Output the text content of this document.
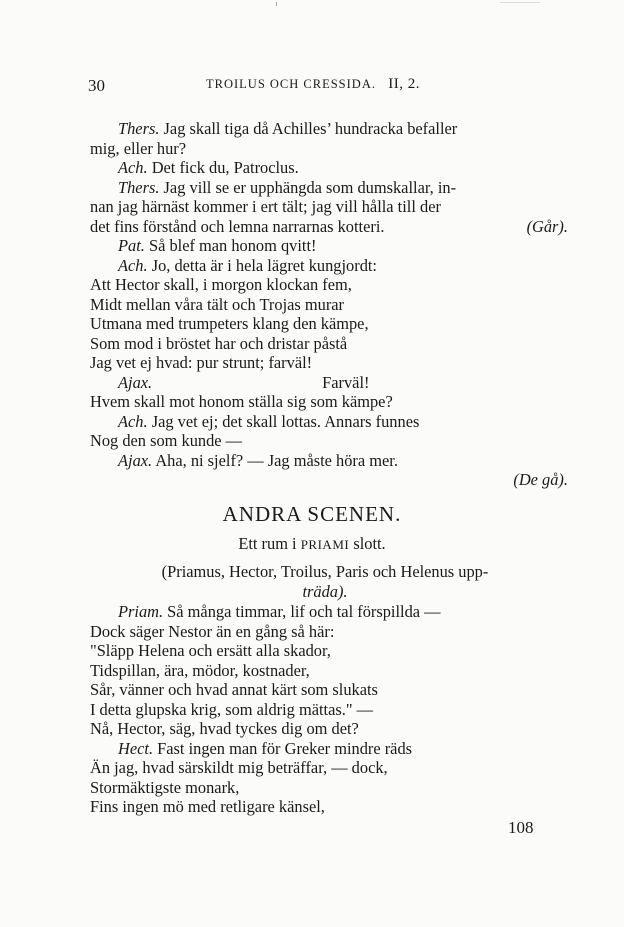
30	TROILUS OCH CRESSIDA. II, 2.

Thers. Jag skall tiga då Achilles’ hundracka befaller

mig, eller hur?

Ach. Det fick du, Patroclus.

Thers. Jag vill se er upphängda som dumskallar, in-

nan jag härnäst kommer i ert tält; jag vill hålla till der

det fins förstånd och lemna narrarnas kotteri.	(Går).

Pat. Så blef man honom qvitt!

Ach. Jo, detta är i hela lägret kungjordt:

Att Hector skall, i morgon klockan fem,

Midt mellan våra tält och Trojas murar

Utmana med trumpeters klang den kämpe,

Som mod i bröstet har och dristar påstå

Jag vet ej hvad: pur strunt; farväl!

Ajax.	Farväl!

Hvem skall mot honom ställa sig som kämpe?

Ach. Jag vet ej; det skall lottas. Annars funnes

Nog den som kunde —

Ajax. Aha, ni sjelf? — Jag måste höra mer.

(De gå).

ANDRA SCENEN.
Ett rum i PRIAMI slott.
(Priamus, Hector, Troilus, Paris och Helenus upp-
träda).

Priam. Så många timmar, lif och tal förspillda —

Dock säger Nestor än en gång så här:

"Släpp Helena och ersätt alla skador,

Tidspillan, ära, mödor, kostnader,

Sår, vänner och hvad annat kärt som slukats

I detta glupska krig, som aldrig mättas." —

Nå, Hector, säg, hvad tyckes dig om det?

Hect. Fast ingen man för Greker mindre räds

Än jag, hvad särskildt mig beträffar, — dock,

Stormäktigste monark,

Fins ingen mö med retligare känsel,

108
